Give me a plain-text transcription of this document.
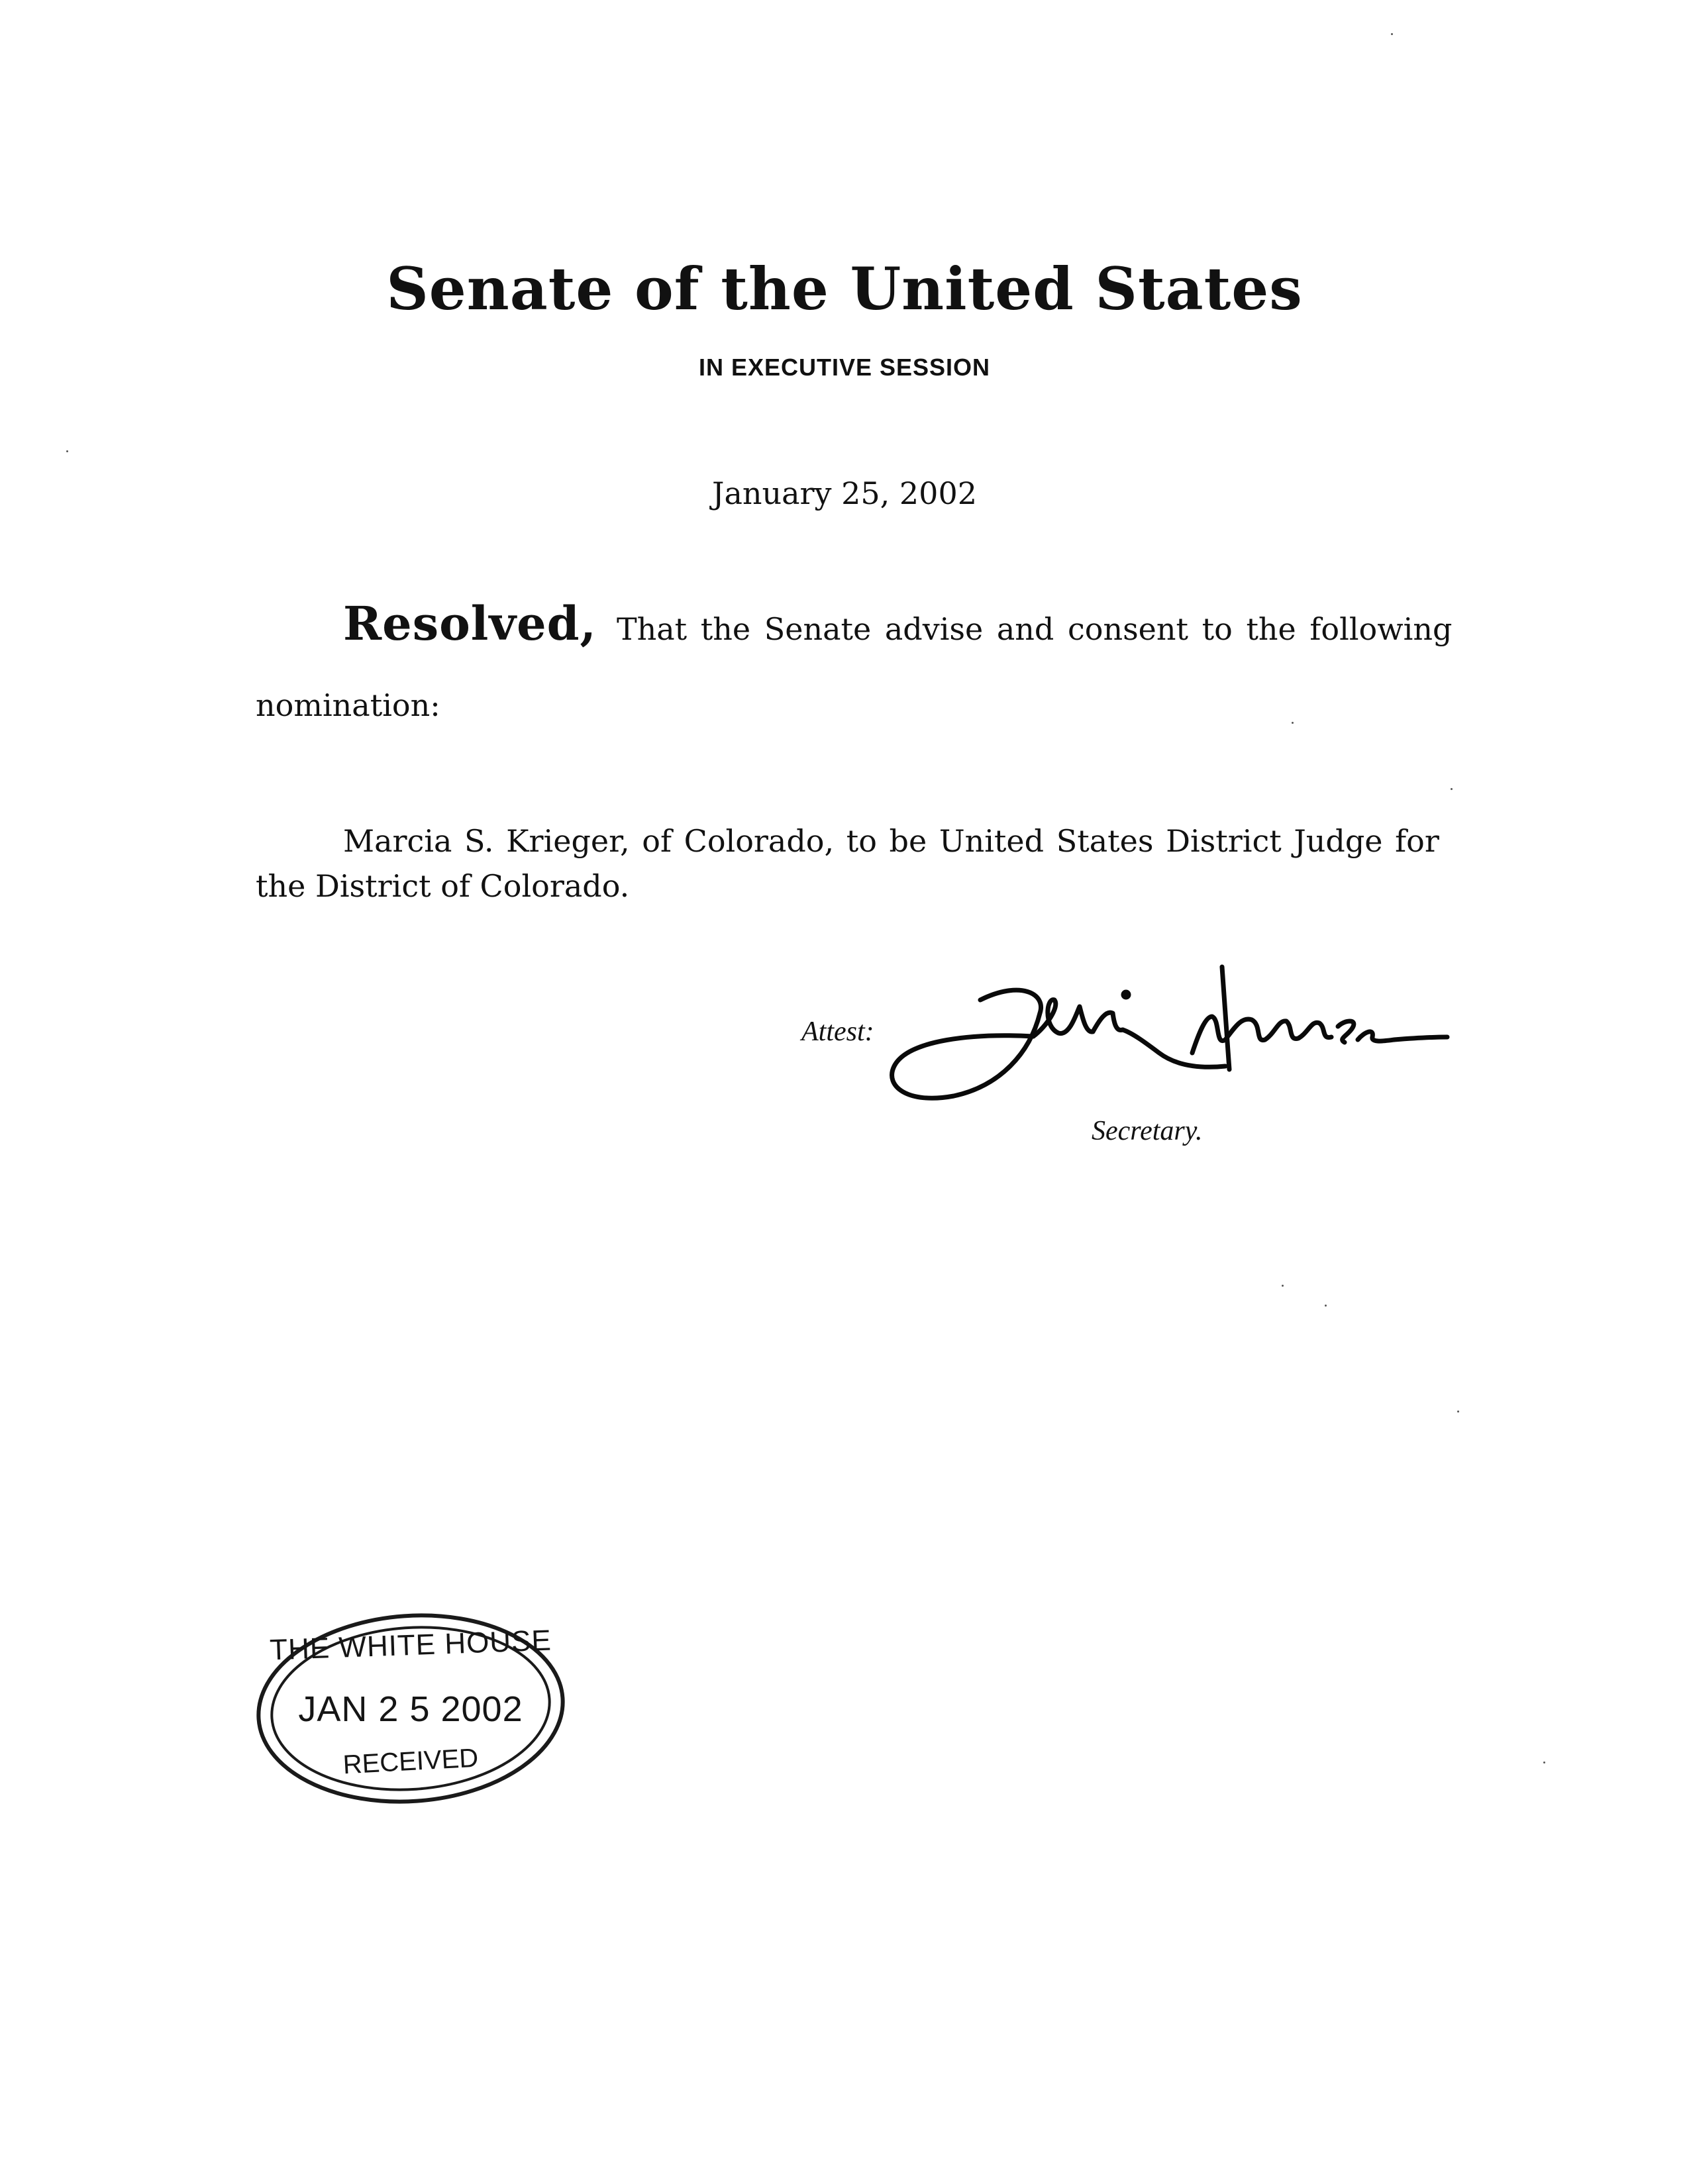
Senate of the United States
IN EXECUTIVE SESSION
January 25, 2002
Resolved, That the Senate advise and consent to the following
nomination:
Marcia S. Krieger, of Colorado, to be United States District Judge for
the District of Colorado.
Attest:
Secretary.
THE WHITE HOUSE
JAN 2 5 2002
RECEIVED
